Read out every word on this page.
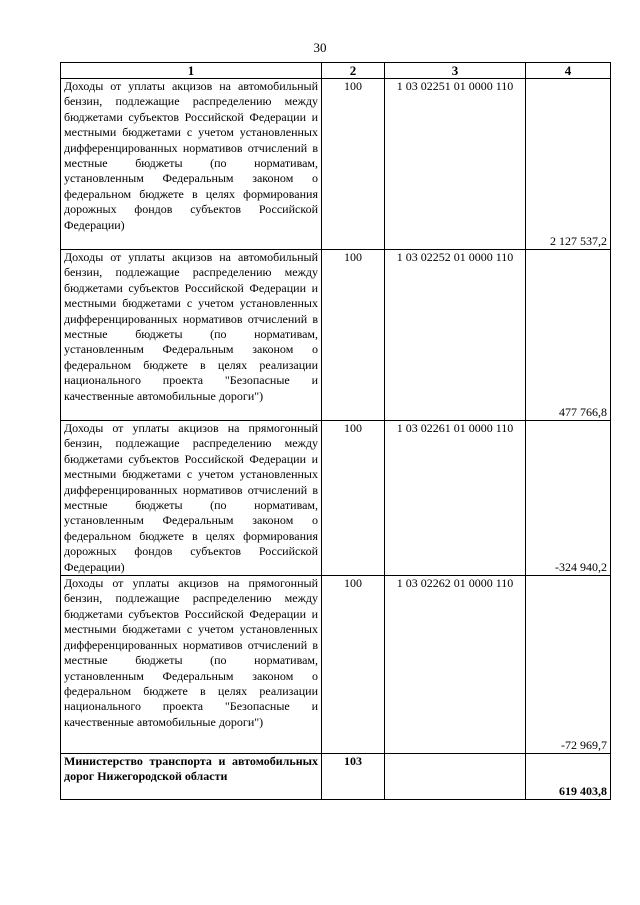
30
1	2	3	4
Доходы от уплаты акцизов на автомобильный бензин, подлежащие распределению между бюджетами субъектов Российской Федерации и местными бюджетами с учетом установленных дифференцированных нормативов отчислений в местные бюджеты (по нормативам, установленным Федеральным законом о федеральном бюджете в целях формирования дорожных фондов субъектов Российской Федерации)	100	1 03 02251 01 0000 110	2 127 537,2
Доходы от уплаты акцизов на автомобильный бензин, подлежащие распределению между бюджетами субъектов Российской Федерации и местными бюджетами с учетом установленных дифференцированных нормативов отчислений в местные бюджеты (по нормативам, установленным Федеральным законом о федеральном бюджете в целях реализации национального проекта "Безопасные и качественные автомобильные дороги")	100	1 03 02252 01 0000 110	477 766,8
Доходы от уплаты акцизов на прямогонный бензин, подлежащие распределению между бюджетами субъектов Российской Федерации и местными бюджетами с учетом установленных дифференцированных нормативов отчислений в местные бюджеты (по нормативам, установленным Федеральным законом о федеральном бюджете в целях формирования дорожных фондов субъектов Российской Федерации)	100	1 03 02261 01 0000 110	-324 940,2
Доходы от уплаты акцизов на прямогонный бензин, подлежащие распределению между бюджетами субъектов Российской Федерации и местными бюджетами с учетом установленных дифференцированных нормативов отчислений в местные бюджеты (по нормативам, установленным Федеральным законом о федеральном бюджете в целях реализации национального проекта "Безопасные и качественные автомобильные дороги")	100	1 03 02262 01 0000 110	-72 969,7
Министерство транспорта и автомобильных дорог Нижегородской области	103		619 403,8
